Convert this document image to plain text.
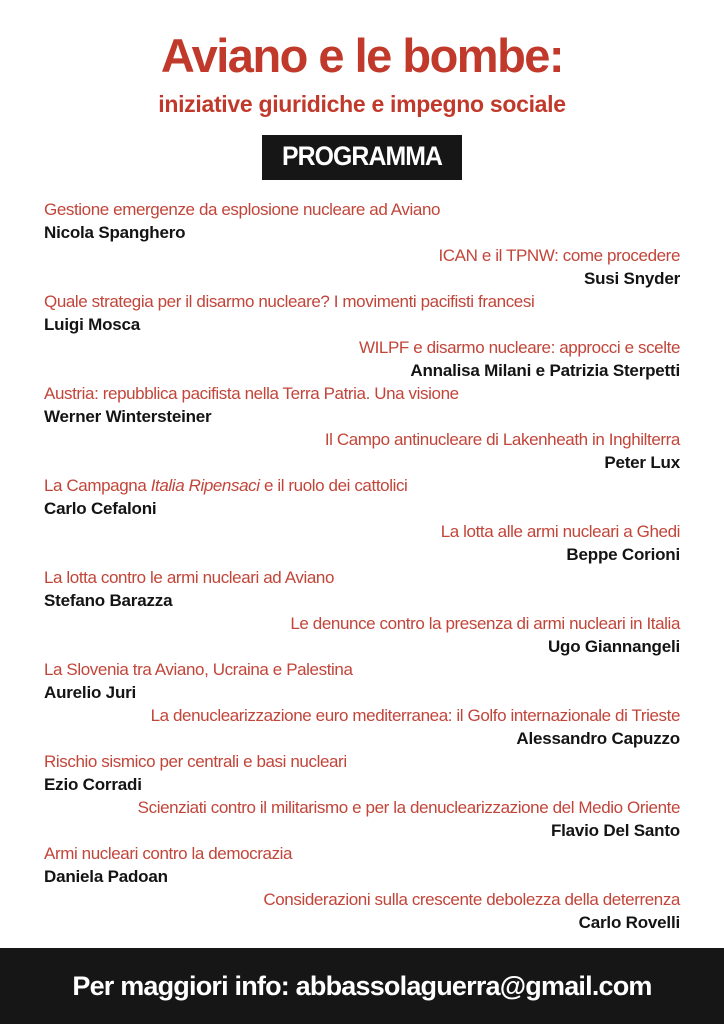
Aviano e le bombe:
iniziative giuridiche e impegno sociale
PROGRAMMA
Gestione emergenze da esplosione nucleare ad Aviano
Nicola Spanghero
ICAN e il TPNW: come procedere
Susi Snyder
Quale strategia per il disarmo nucleare? I movimenti pacifisti francesi
Luigi Mosca
WILPF e disarmo nucleare: approcci e scelte
Annalisa Milani e Patrizia Sterpetti
Austria: repubblica pacifista nella Terra Patria. Una visione
Werner Wintersteiner
Il Campo antinucleare di Lakenheath in Inghilterra
Peter Lux
La Campagna Italia Ripensaci e il ruolo dei cattolici
Carlo Cefaloni
La lotta alle armi nucleari a Ghedi
Beppe Corioni
La lotta contro le armi nucleari ad Aviano
Stefano Barazza
Le denunce contro la presenza di armi nucleari in Italia
Ugo Giannangeli
La Slovenia tra Aviano, Ucraina e Palestina
Aurelio Juri
La denuclearizzazione euro mediterranea: il Golfo internazionale di Trieste
Alessandro Capuzzo
Rischio sismico per centrali e basi nucleari
Ezio Corradi
Scienziati contro il militarismo e per la denuclearizzazione del Medio Oriente
Flavio Del Santo
Armi nucleari contro la democrazia
Daniela Padoan
Considerazioni sulla crescente debolezza della deterrenza
Carlo Rovelli
Per maggiori info: abbassolaguerra@gmail.com
